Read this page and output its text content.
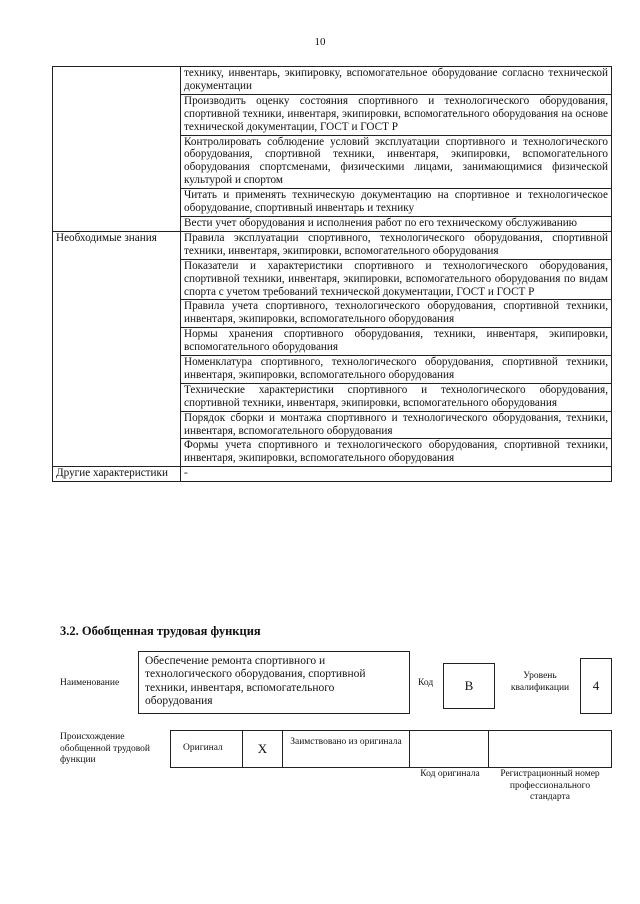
10
	технику, инвентарь, экипировку, вспомогательное оборудование согласно технической документации
	Производить оценку состояния спортивного и технологического оборудования, спортивной техники, инвентаря, экипировки, вспомогательного оборудования на основе технической документации, ГОСТ и ГОСТ Р
	Контролировать соблюдение условий эксплуатации спортивного и технологического оборудования, спортивной техники, инвентаря, экипировки, вспомогательного оборудования спортсменами, физическими лицами, занимающимися физической культурой и спортом
	Читать и применять техническую документацию на спортивное и технологическое оборудование, спортивный инвентарь и технику
	Вести учет оборудования и исполнения работ по его техническому обслуживанию
Необходимые знания	Правила эксплуатации спортивного, технологического оборудования, спортивной техники, инвентаря, экипировки, вспомогательного оборудования
	Показатели и характеристики спортивного и технологического оборудования, спортивной техники, инвентаря, экипировки, вспомогательного оборудования по видам спорта с учетом требований технической документации, ГОСТ и ГОСТ Р
	Правила учета спортивного, технологического оборудования, спортивной техники, инвентаря, экипировки, вспомогательного оборудования
	Нормы хранения спортивного оборудования, техники, инвентаря, экипировки, вспомогательного оборудования
	Номенклатура спортивного, технологического оборудования, спортивной техники, инвентаря, экипировки, вспомогательного оборудования
	Технические характеристики спортивного и технологического оборудования, спортивной техники, инвентаря, экипировки, вспомогательного оборудования
	Порядок сборки и монтажа спортивного и технологического оборудования, техники, инвентаря, вспомогательного оборудования
	Формы учета спортивного и технологического оборудования, спортивной техники, инвентаря, экипировки, вспомогательного оборудования
Другие характеристики	-
3.2. Обобщенная трудовая функция
Наименование
Обеспечение ремонта спортивного и технологического оборудования, спортивной техники, инвентаря, вспомогательного оборудования
Код	B
Уровень квалификации	4
Происхождение обобщенной трудовой функции
Оригинал	X	Заимствовано из оригинала
Код оригинала	Регистрационный номер профессионального стандарта
